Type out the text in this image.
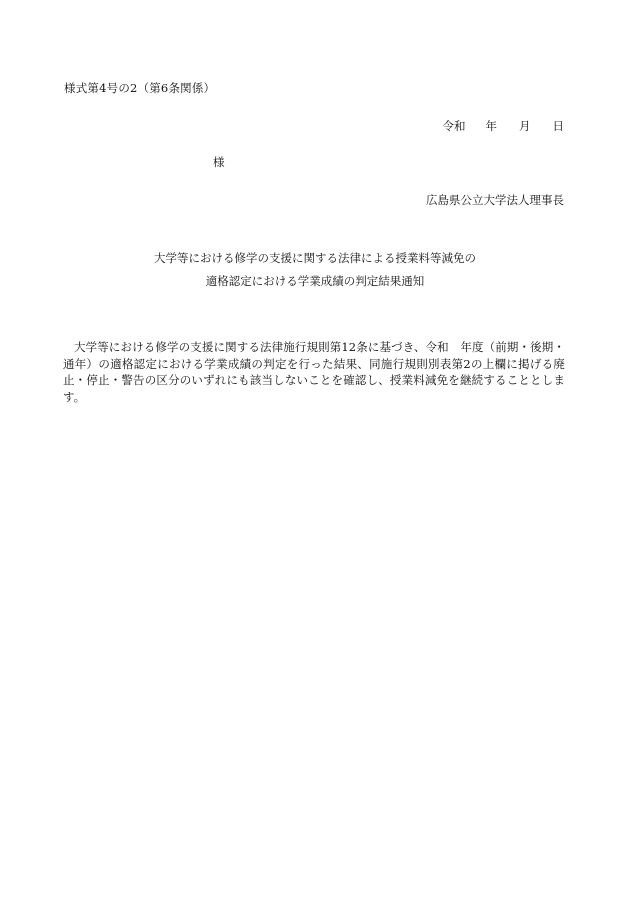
様式第4号の2（第6条関係）
令和 年 月 日
様
広島県公立大学法人理事長
大学等における修学の支援に関する法律による授業料等減免の
適格認定における学業成績の判定結果通知
大学等における修学の支援に関する法律施行規則第12条に基づき、令和　年度（前期・後期・通年）の適格認定における学業成績の判定を行った結果、同施行規則別表第2の上欄に掲げる廃止・停止・警告の区分のいずれにも該当しないことを確認し、授業料減免を継続することとします。
